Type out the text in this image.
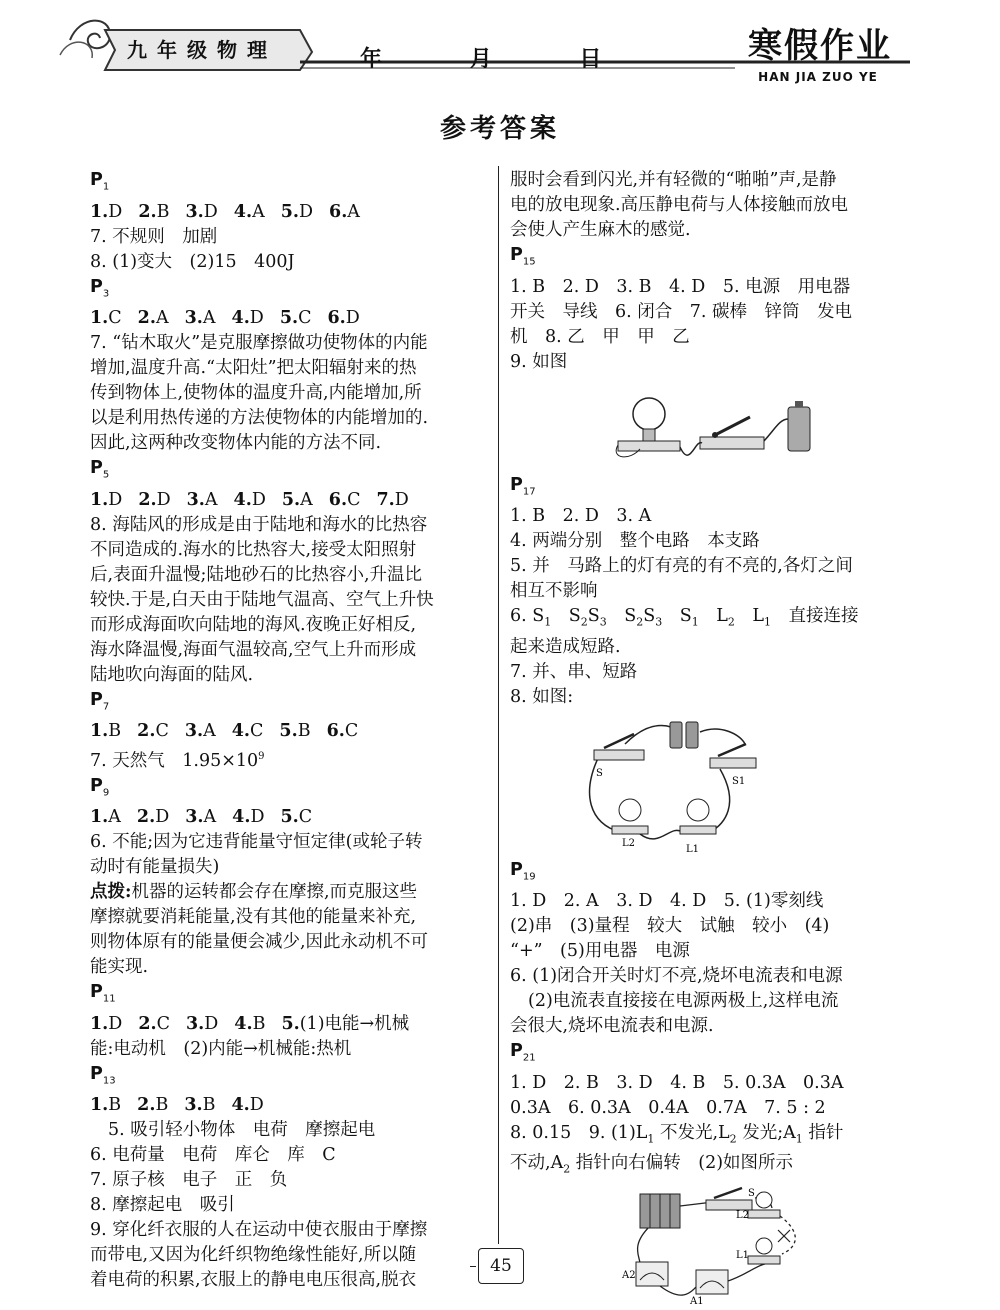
九年级物理	年	月	日	寒假作业
HAN JIA ZUO YE
参考答案
$P_1$
1.D 2.B 3.D 4.A 5.D 6.A
7. 不规则　加剧
8. (1)变大　(2)15　400J
$P_3$
1.C 2.A 3.A 4.D 5.C 6.D
7. “钻木取火”是克服摩擦做功使物体的内能
增加,温度升高.“太阳灶”把太阳辐射来的热
传到物体上,使物体的温度升高,内能增加,所
以是利用热传递的方法使物体的内能增加的.
因此,这两种改变物体内能的方法不同.
$P_5$
1.D 2.D 3.A 4.D 5.A 6.C 7.D
8. 海陆风的形成是由于陆地和海水的比热容
不同造成的.海水的比热容大,接受太阳照射
后,表面升温慢;陆地砂石的比热容小,升温比
较快.于是,白天由于陆地气温高、空气上升快
而形成海面吹向陆地的海风.夜晚正好相反,
海水降温慢,海面气温较高,空气上升而形成
陆地吹向海面的陆风.
$P_7$
1.B 2.C 3.A 4.C 5.B 6.C
7. 天然气　$1.95\times 10^9$
$P_9$
1.A 2.D 3.A 4.D 5.C
6. 不能;因为它违背能量守恒定律(或轮子转
动时有能量损失)
点拨:机器的运转都会存在摩擦,而克服这些
摩擦就要消耗能量,没有其他的能量来补充,
则物体原有的能量便会减少,因此永动机不可
能实现.
$P_{11}$
1.D 2.C 3.D 4.B 5.(1)电能→机械
能:电动机　(2)内能→机械能:热机
$P_{13}$
1.B 2.B 3.B 4.D
5. 吸引轻小物体　电荷　摩擦起电
6. 电荷量　电荷　库仑　库　C
7. 原子核　电子　正　负
8. 摩擦起电　吸引
9. 穿化纤衣服的人在运动中使衣服由于摩擦
而带电,又因为化纤织物绝缘性能好,所以随
着电荷的积累,衣服上的静电电压很高,脱衣
服时会看到闪光,并有轻微的“啪啪”声,是静
电的放电现象.高压静电荷与人体接触而放电
会使人产生麻木的感觉.
$P_{15}$
1. B　2. D　3. B　4. D　5. 电源　用电器
开关　导线　6. 闭合　7. 碳棒　锌筒　发电
机　8. 乙　甲　甲　乙
9. 如图
$P_{17}$
1. B　2. D　3. A
4. 两端分别　整个电路　本支路
5. 并　马路上的灯有亮的有不亮的,各灯之间
相互不影响
6. $S_1$　$S_2S_3$　$S_2S_3$　$S_1$　$L_2$　$L_1$　直接连接
起来造成短路.
7. 并、串、短路
8. 如图:
S
S1
L2
L1
$P_{19}$
1. D　2. A　3. D　4. D　5. (1)零刻线
(2)串　(3)量程　较大　试触　较小　(4)
“+”　(5)用电器　电源
6. (1)闭合开关时灯不亮,烧坏电流表和电源
(2)电流表直接接在电源两极上,这样电流
会很大,烧坏电流表和电源.
$P_{21}$
1. D　2. B　3. D　4. B　5. 0.3A　0.3A
0.3A　6. 0.3A　0.4A　0.7A　7. 5 : 2
8. 0.15　9. $(1)L_1$ 不发光$,L_2$ 发光$;A_1$ 指针
不动$,A_2$ 指针向右偏转　(2)如图所示
S
L2
L1
A2
A1
45
